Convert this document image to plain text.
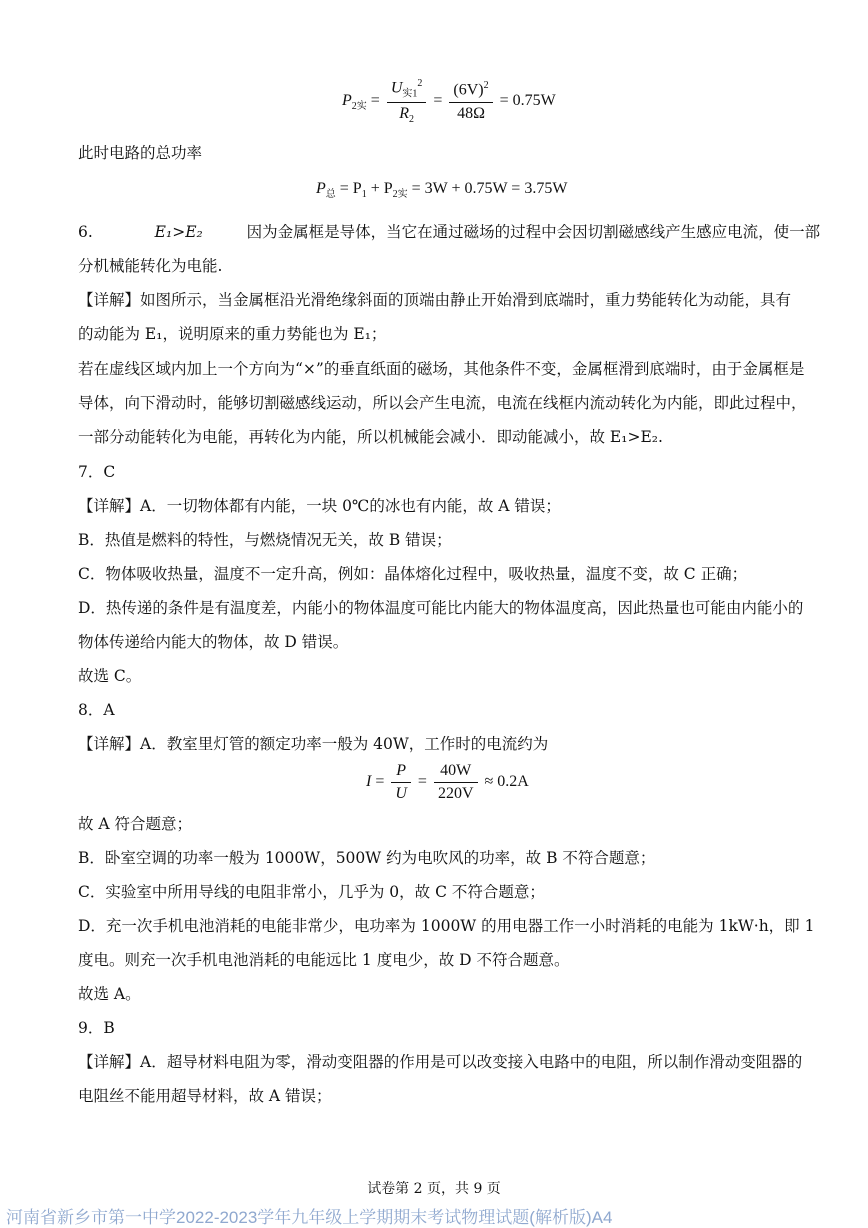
$P_{2实} = \frac{U_{实1}^2}{R_2} = \frac{(6V)^2}{48\Omega} = 0.75W$
此时电路的总功率
$P_总 = P_1 + P_{2实} = 3W + 0.75W = 3.75W$
6.	E₁>E₂	因为金属框是导体，当它在通过磁场的过程中会因切割磁感线产生感应电流，使一部
分机械能转化为电能.
【详解】如图所示，当金属框沿光滑绝缘斜面的顶端由静止开始滑到底端时，重力势能转化为动能，具有
的动能为 E₁，说明原来的重力势能也为 E₁；
若在虚线区域内加上一个方向为“×”的垂直纸面的磁场，其他条件不变，金属框滑到底端时，由于金属框是
导体，向下滑动时，能够切割磁感线运动，所以会产生电流，电流在线框内流动转化为内能，即此过程中，
一部分动能转化为电能，再转化为内能，所以机械能会减小．即动能减小，故 E₁>E₂.
7．C
【详解】A．一切物体都有内能，一块 0℃的冰也有内能，故 A 错误；
B．热值是燃料的特性，与燃烧情况无关，故 B 错误；
C．物体吸收热量，温度不一定升高，例如：晶体熔化过程中，吸收热量，温度不变，故 C 正确；
D．热传递的条件是有温度差，内能小的物体温度可能比内能大的物体温度高，因此热量也可能由内能小的
物体传递给内能大的物体，故 D 错误。
故选 C。
8．A
【详解】A．教室里灯管的额定功率一般为 40W，工作时的电流约为
$I = \frac{P}{U} = \frac{40W}{220V} \approx 0.2A$
故 A 符合题意；
B．卧室空调的功率一般为 1000W，500W 约为电吹风的功率，故 B 不符合题意；
C．实验室中所用导线的电阻非常小，几乎为 0，故 C 不符合题意；
D．充一次手机电池消耗的电能非常少，电功率为 1000W 的用电器工作一小时消耗的电能为 1kW·h，即 1
度电。则充一次手机电池消耗的电能远比 1 度电少，故 D 不符合题意。
故选 A。
9．B
【详解】A．超导材料电阻为零，滑动变阻器的作用是可以改变接入电路中的电阻，所以制作滑动变阻器的
电阻丝不能用超导材料，故 A 错误；
试卷第 2 页，共 9 页
河南省新乡市第一中学2022-2023学年九年级上学期期末考试物理试题(解析版)A4
